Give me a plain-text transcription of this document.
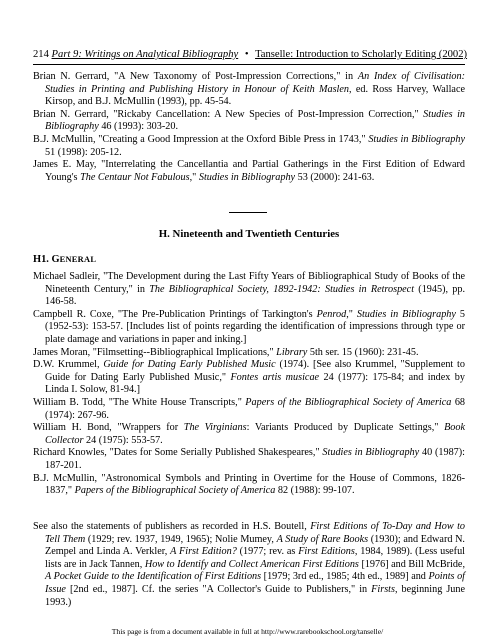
214 Part 9: Writings on Analytical Bibliography • Tanselle: Introduction to Scholarly Editing (2002)

Brian N. Gerrard, "A New Taxonomy of Post-Impression Corrections," in An Index of Civilisation: Studies in Printing and Publishing History in Honour of Keith Maslen, ed. Ross Harvey, Wallace Kirsop, and B.J. McMullin (1993), pp. 45-54.

Brian N. Gerrard, "Rickaby Cancellation: A New Species of Post-Impression Correction," Studies in Bibliography 46 (1993): 303-20.

B.J. McMullin, "Creating a Good Impression at the Oxford Bible Press in 1743," Studies in Bibliography 51 (1998): 205-12.

James E. May, "Interrelating the Cancellantia and Partial Gatherings in the First Edition of Edward Young's The Centaur Not Fabulous," Studies in Bibliography 53 (2000): 241-63.

H. Nineteenth and Twentieth Centuries
H1. GENERAL

Michael Sadleir, "The Development during the Last Fifty Years of Bibliographical Study of Books of the Nineteenth Century," in The Bibliographical Society, 1892-1942: Studies in Retrospect (1945), pp. 146-58.

Campbell R. Coxe, "The Pre-Publication Printings of Tarkington's Penrod," Studies in Bibliography 5 (1952-53): 153-57. [Includes list of points regarding the identification of impressions through type or plate damage and variations in paper and inking.]

James Moran, "Filmsetting--Bibliographical Implications," Library 5th ser. 15 (1960): 231-45.

D.W. Krummel, Guide for Dating Early Published Music (1974). [See also Krummel, "Supplement to Guide for Dating Early Published Music," Fontes artis musicae 24 (1977): 175-84; and index by Linda I. Solow, 81-94.]

William B. Todd, "The White House Transcripts," Papers of the Bibliographical Society of America 68 (1974): 267-96.

William H. Bond, "Wrappers for The Virginians: Variants Produced by Duplicate Settings," Book Collector 24 (1975): 553-57.

Richard Knowles, "Dates for Some Serially Published Shakespeares," Studies in Bibliography 40 (1987): 187-201.

B.J. McMullin, "Astronomical Symbols and Printing in Overtime for the House of Commons, 1826-1837," Papers of the Bibliographical Society of America 82 (1988): 99-107.

See also the statements of publishers as recorded in H.S. Boutell, First Editions of To-Day and How to Tell Them (1929; rev. 1937, 1949, 1965); Nolie Mumey, A Study of Rare Books (1930); and Edward N. Zempel and Linda A. Verkler, A First Edition? (1977; rev. as First Editions, 1984, 1989). (Less useful lists are in Jack Tannen, How to Identify and Collect American First Editions [1976] and Bill McBride, A Pocket Guide to the Identification of First Editions [1979; 3rd ed., 1985; 4th ed., 1989] and Points of Issue [2nd ed., 1987]. Cf. the series "A Collector's Guide to Publishers," in Firsts, beginning June 1993.)

This page is from a document available in full at http://www.rarebookschool.org/tanselle/
